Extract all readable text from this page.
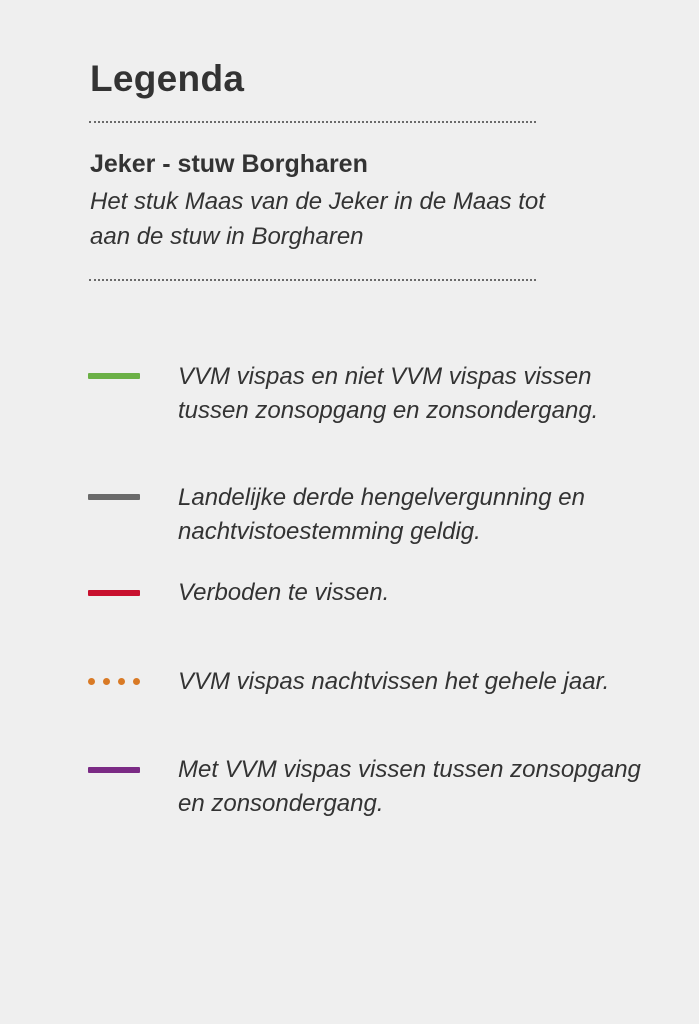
Legenda
Jeker - stuw Borgharen
Het stuk Maas van de Jeker in de Maas tot aan de stuw in Borgharen
VVM vispas en niet VVM vispas vissen tussen zonsopgang en zonsondergang.
Landelijke derde hengelvergunning en nachtvistoestemming geldig.
Verboden te vissen.
VVM vispas nachtvissen het gehele jaar.
Met VVM vispas vissen tussen zonsopgang en zonsondergang.
